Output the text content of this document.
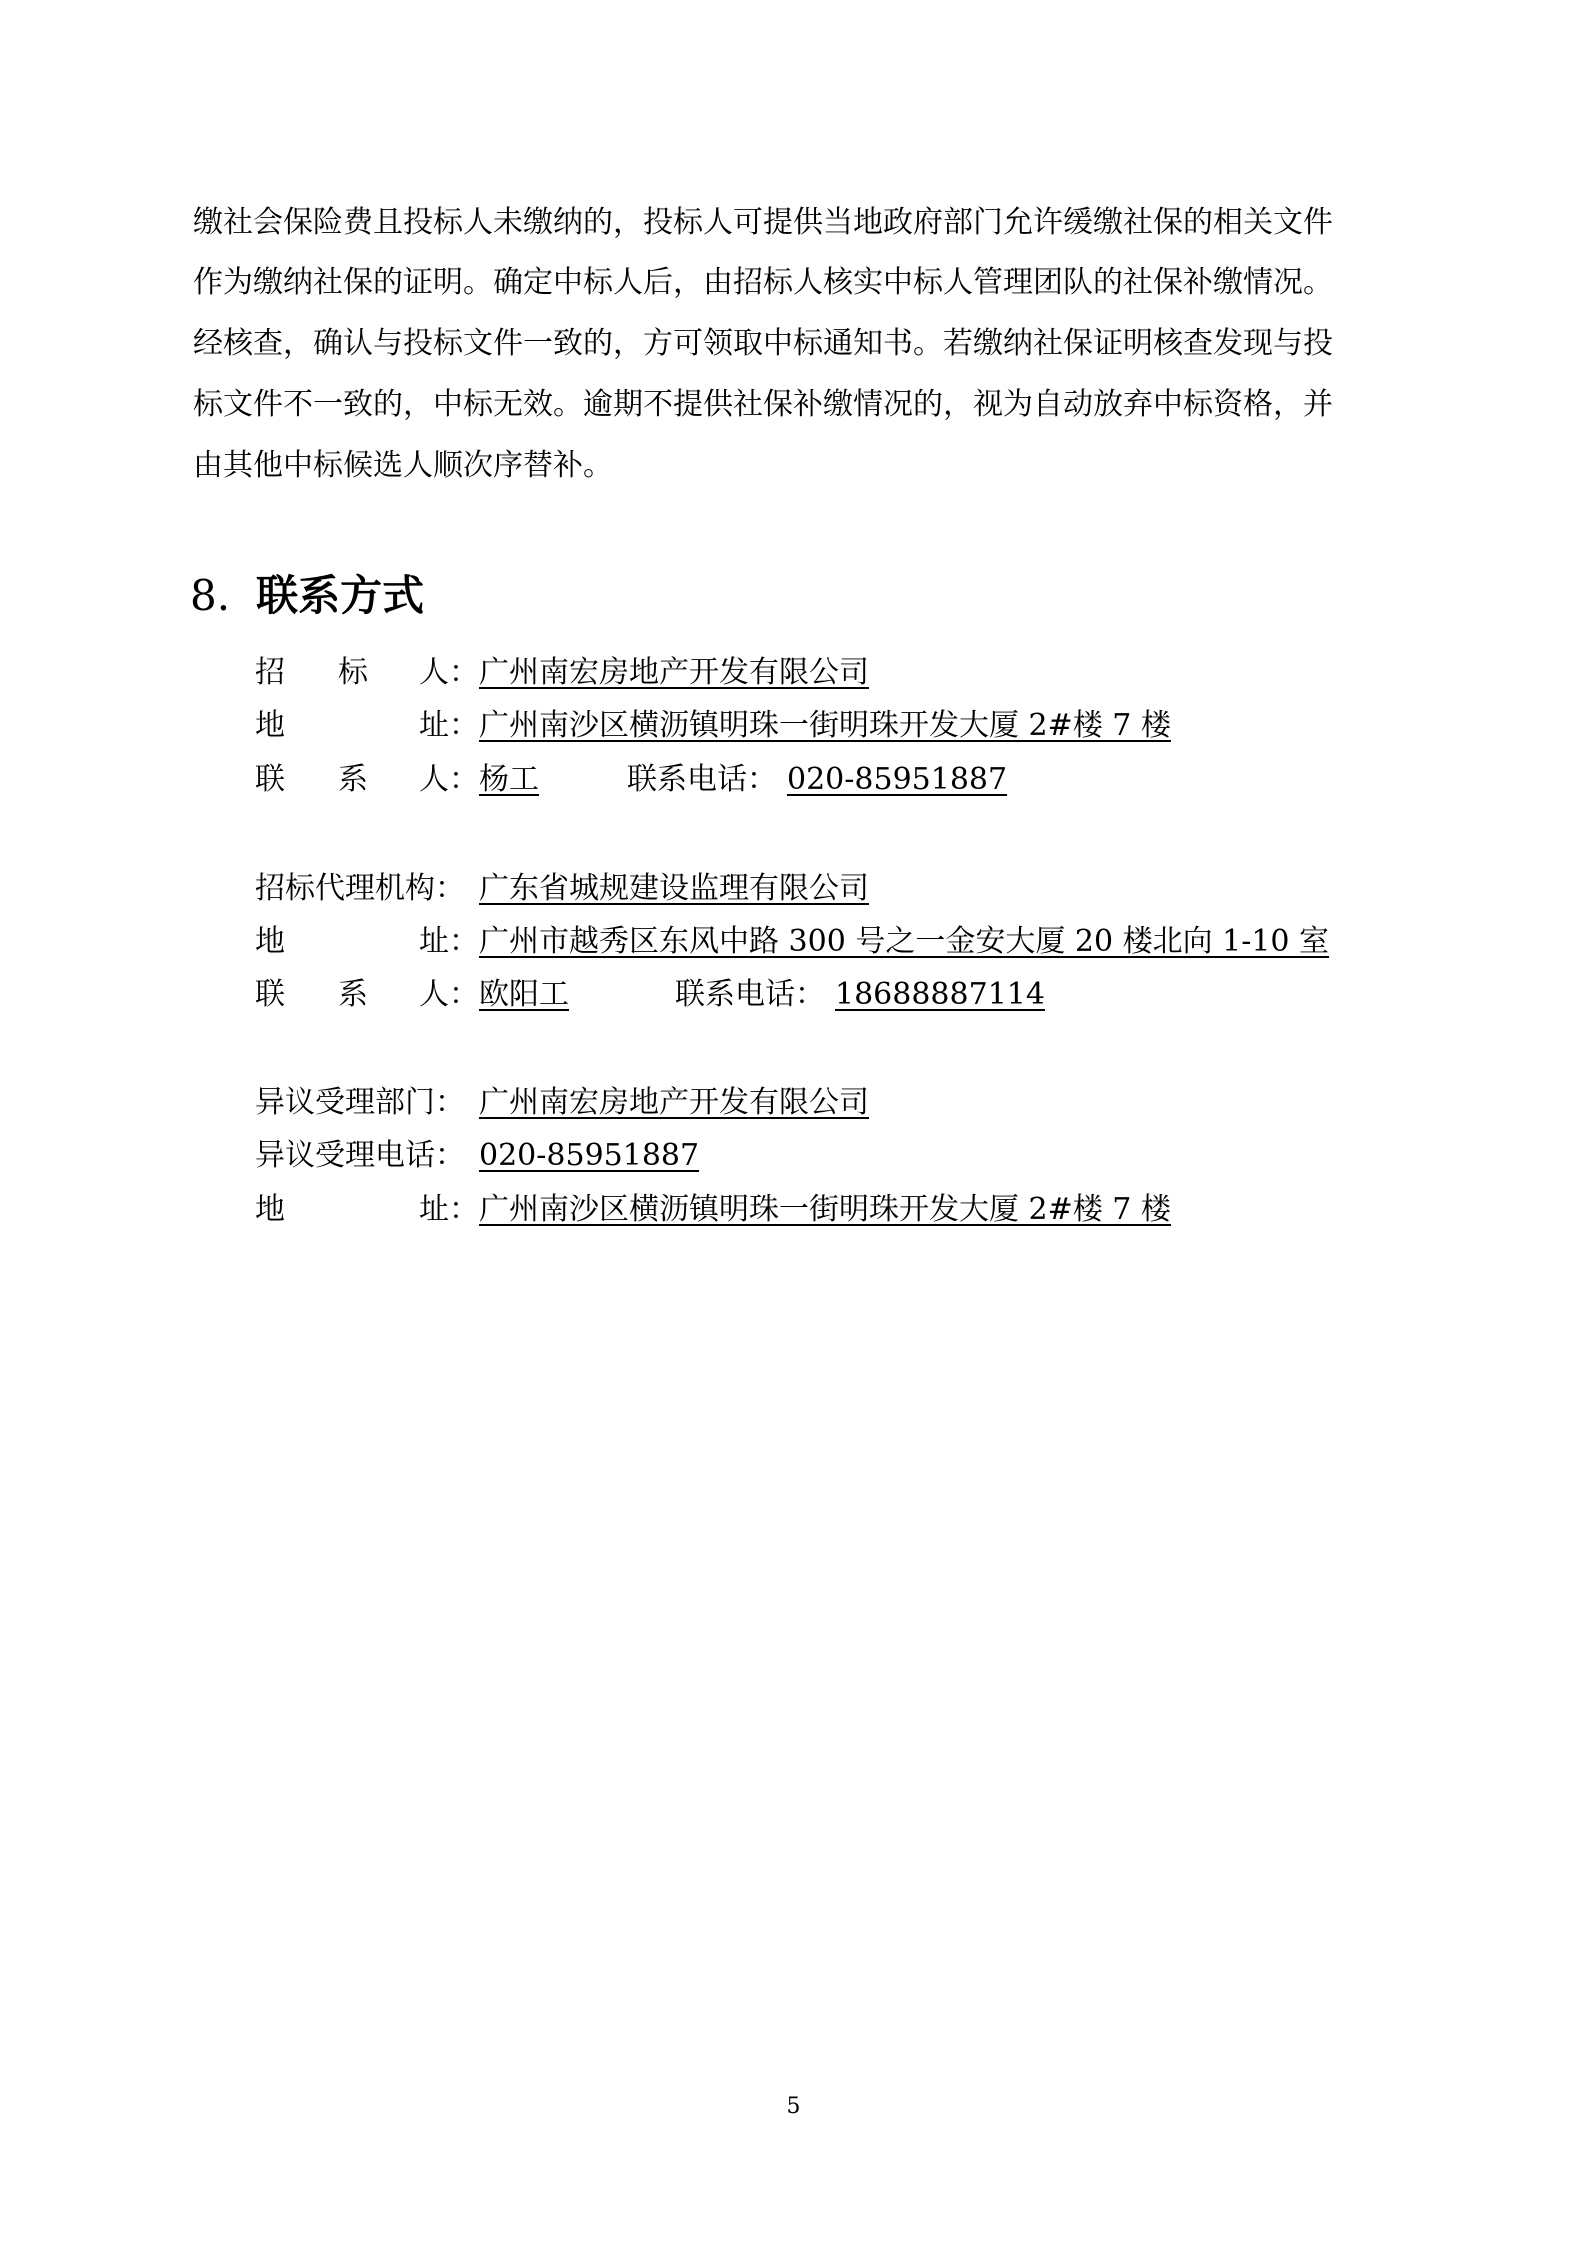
缴社会保险费且投标人未缴纳的，投标人可提供当地政府部门允许缓缴社保的相关文件
作为缴纳社保的证明。确定中标人后，由招标人核实中标人管理团队的社保补缴情况。
经核查，确认与投标文件一致的，方可领取中标通知书。若缴纳社保证明核查发现与投
标文件不一致的，中标无效。逾期不提供社保补缴情况的，视为自动放弃中标资格，并
由其他中标候选人顺次序替补。
8. 联系方式
招 标 人： 广州南宏房地产开发有限公司
地	址： 广州南沙区横沥镇明珠一街明珠开发大厦 2#楼 7 楼
联 系 人： 杨工	联系电话： 020-85951887
招标代理机构： 广东省城规建设监理有限公司
地	址： 广州市越秀区东风中路 300 号之一金安大厦 20 楼北向 1-10 室
联 系 人： 欧阳工	联系电话： 18688887114
异议受理部门： 广州南宏房地产开发有限公司
异议受理电话： 020-85951887
地	址： 广州南沙区横沥镇明珠一街明珠开发大厦 2#楼 7 楼
5
